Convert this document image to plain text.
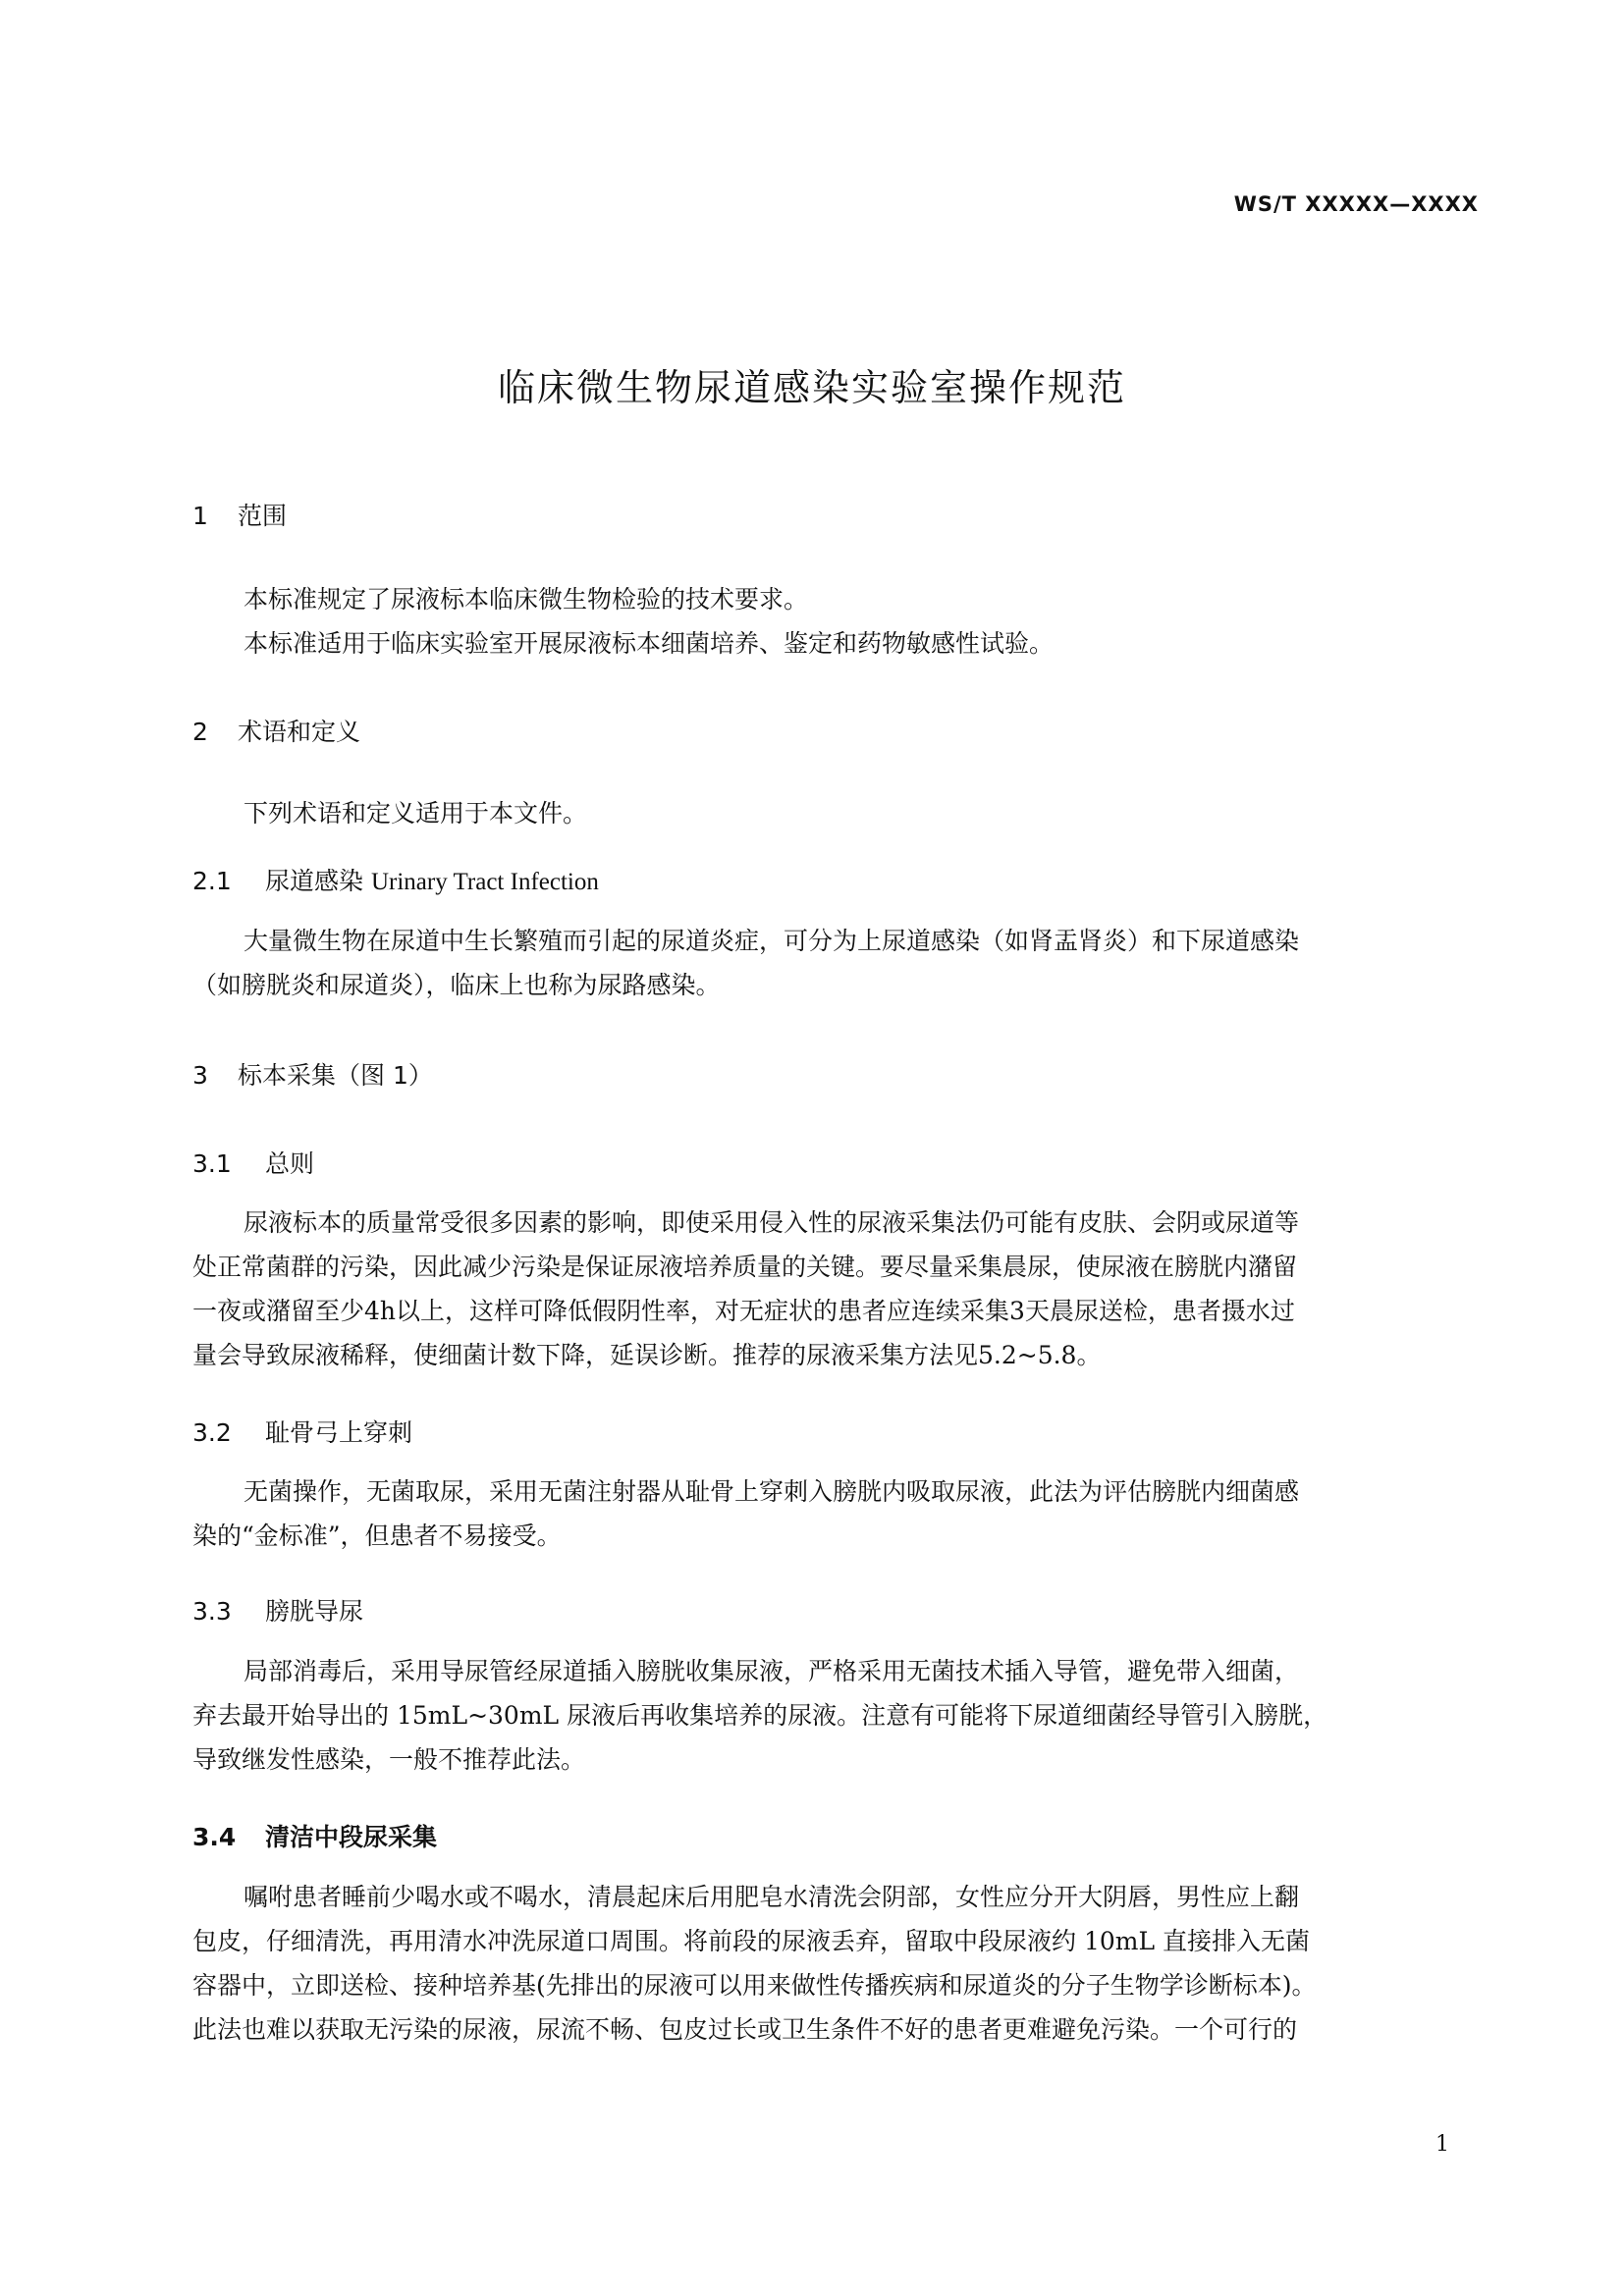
WS/T XXXXX—XXXX
临床微生物尿道感染实验室操作规范
1 范围
本标准规定了尿液标本临床微生物检验的技术要求。
本标准适用于临床实验室开展尿液标本细菌培养、鉴定和药物敏感性试验。
2 术语和定义
下列术语和定义适用于本文件。
2.1 尿道感染 Urinary Tract Infection
大量微生物在尿道中生长繁殖而引起的尿道炎症，可分为上尿道感染（如肾盂肾炎）和下尿道感染
（如膀胱炎和尿道炎），临床上也称为尿路感染。
3 标本采集（图 1）
3.1 总则
尿液标本的质量常受很多因素的影响，即使采用侵入性的尿液采集法仍可能有皮肤、会阴或尿道等
处正常菌群的污染，因此减少污染是保证尿液培养质量的关键。要尽量采集晨尿，使尿液在膀胱内潴留
一夜或潴留至少4h以上，这样可降低假阴性率，对无症状的患者应连续采集3天晨尿送检，患者摄水过
量会导致尿液稀释，使细菌计数下降，延误诊断。推荐的尿液采集方法见5.2~5.8。
3.2 耻骨弓上穿刺
无菌操作，无菌取尿，采用无菌注射器从耻骨上穿刺入膀胱内吸取尿液，此法为评估膀胱内细菌感
染的“金标准”，但患者不易接受。
3.3 膀胱导尿
局部消毒后，采用导尿管经尿道插入膀胱收集尿液，严格采用无菌技术插入导管，避免带入细菌，
弃去最开始导出的 15mL~30mL 尿液后再收集培养的尿液。注意有可能将下尿道细菌经导管引入膀胱，
导致继发性感染，一般不推荐此法。
3.4 清洁中段尿采集
嘱咐患者睡前少喝水或不喝水，清晨起床后用肥皂水清洗会阴部，女性应分开大阴唇，男性应上翻
包皮，仔细清洗，再用清水冲洗尿道口周围。将前段的尿液丢弃，留取中段尿液约 10mL 直接排入无菌
容器中，立即送检、接种培养基(先排出的尿液可以用来做性传播疾病和尿道炎的分子生物学诊断标本)。
此法也难以获取无污染的尿液，尿流不畅、包皮过长或卫生条件不好的患者更难避免污染。一个可行的
1
